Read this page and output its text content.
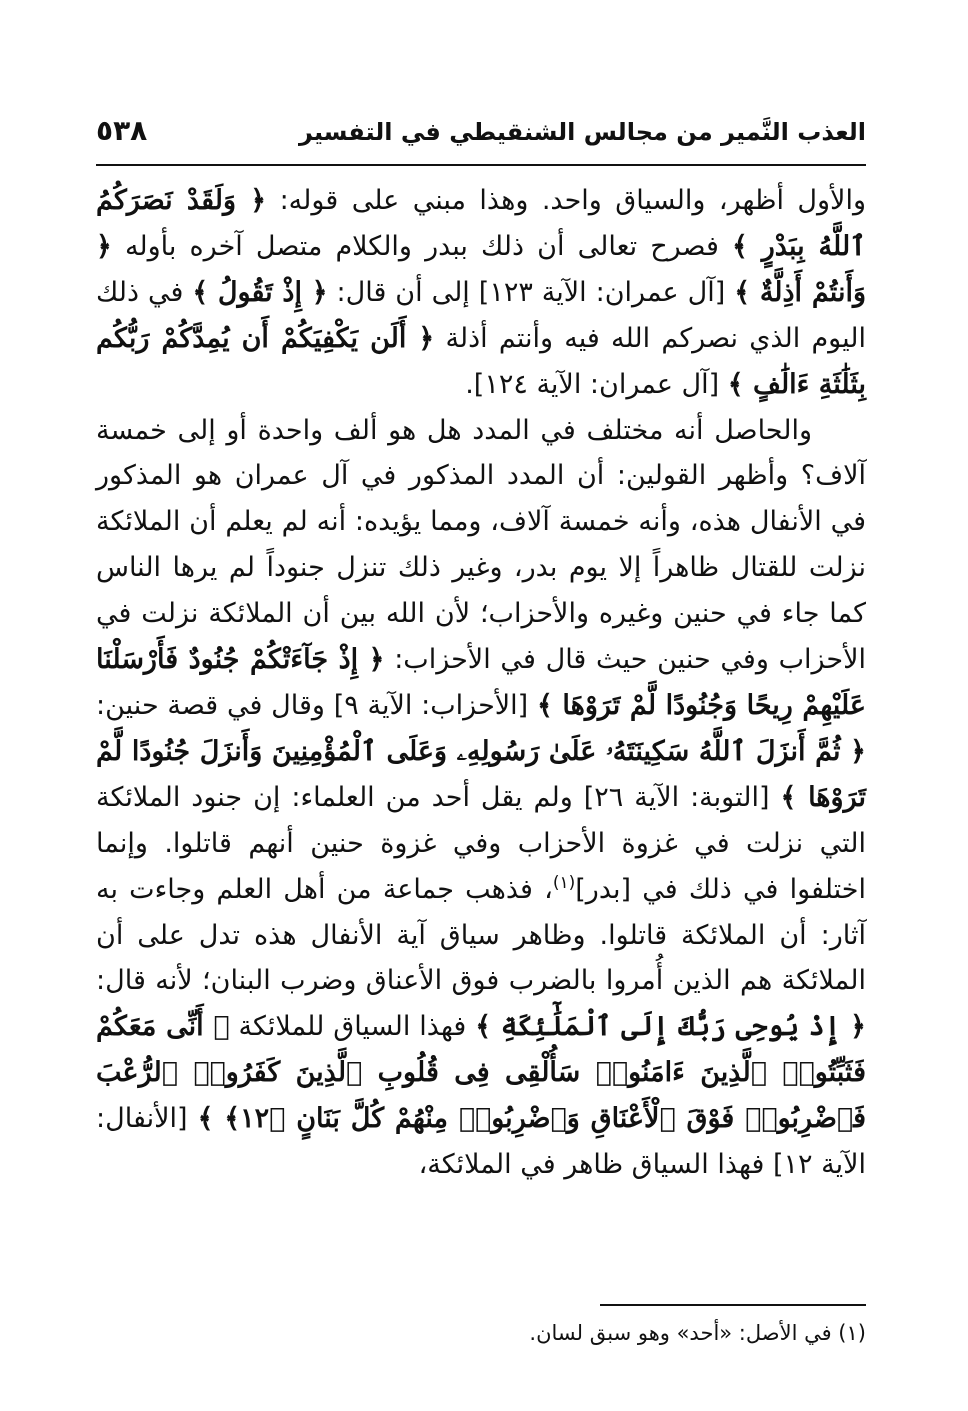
العذب النَّمير من مجالس الشنقيطي في التفسير
٥٣٨

والأول أظهر، والسياق واحد. وهذا مبني على قوله: ﴿ وَلَقَدْ نَصَرَكُمُ ٱللَّهُ بِبَدْرٍ ﴾ فصرح تعالى أن ذلك ببدر والكلام متصل آخره بأوله ﴿ وَأَنتُمْ أَذِلَّةٌ ﴾ [آل عمران: الآية ١٢٣] إلى أن قال: ﴿ إِذْ تَقُولُ ﴾ في ذلك اليوم الذي نصركم الله فيه وأنتم أذلة ﴿ أَلَن يَكْفِيَكُمْ أَن يُمِدَّكُمْ رَبُّكُم بِثَلَٰثَةِ ءَالَٰفٍ ﴾ [آل عمران: الآية ١٢٤].

والحاصل أنه مختلف في المدد هل هو ألف واحدة أو إلى خمسة آلاف؟ وأظهر القولين: أن المدد المذكور في آل عمران هو المذكور في الأنفال هذه، وأنه خمسة آلاف، ومما يؤيده: أنه لم يعلم أن الملائكة نزلت للقتال ظاهراً إلا يوم بدر، وغير ذلك تنزل جنوداً لم يرها الناس كما جاء في حنين وغيره والأحزاب؛ لأن الله بين أن الملائكة نزلت في الأحزاب وفي حنين حيث قال في الأحزاب: ﴿ إِذْ جَآءَتْكُمْ جُنُودٌ فَأَرْسَلْنَا عَلَيْهِمْ رِيحًا وَجُنُودًا لَّمْ تَرَوْهَا ﴾ [الأحزاب: الآية ٩] وقال في قصة حنين: ﴿ ثُمَّ أَنزَلَ ٱللَّهُ سَكِينَتَهُۥ عَلَىٰ رَسُولِهِۦ وَعَلَى ٱلْمُؤْمِنِينَ وَأَنزَلَ جُنُودًا لَّمْ تَرَوْهَا ﴾ [التوبة: الآية ٢٦] ولم يقل أحد من العلماء: إن جنود الملائكة التي نزلت في غزوة الأحزاب وفي غزوة حنين أنهم قاتلوا. وإنما اختلفوا في ذلك في [بدر]$^{(١)}$، فذهب جماعة من أهل العلم وجاءت به آثار: أن الملائكة قاتلوا. وظاهر سياق آية الأنفال هذه تدل على أن الملائكة هم الذين أُمروا بالضرب فوق الأعناق وضرب البنان؛ لأنه قال: ﴿ إِذْ يُوحِى رَبُّكَ إِلَى ٱلْمَلَٰٓئِكَةِ ﴾ فهذا السياق للملائكة ﴿ أَنِّى مَعَكُمْ فَثَبِّتُوا۟ ٱلَّذِينَ ءَامَنُوا۟ سَأُلْقِى فِى قُلُوبِ ٱلَّذِينَ كَفَرُوا۟ ٱلرُّعْبَ فَٱضْرِبُوا۟ فَوْقَ ٱلْأَعْنَاقِ وَٱضْرِبُوا۟ مِنْهُمْ كُلَّ بَنَانٍ ﴿١٢﴾ ﴾ [الأنفال: الآية ١٢] فهذا السياق ظاهر في الملائكة،

(١) في الأصل: «أحد» وهو سبق لسان.
